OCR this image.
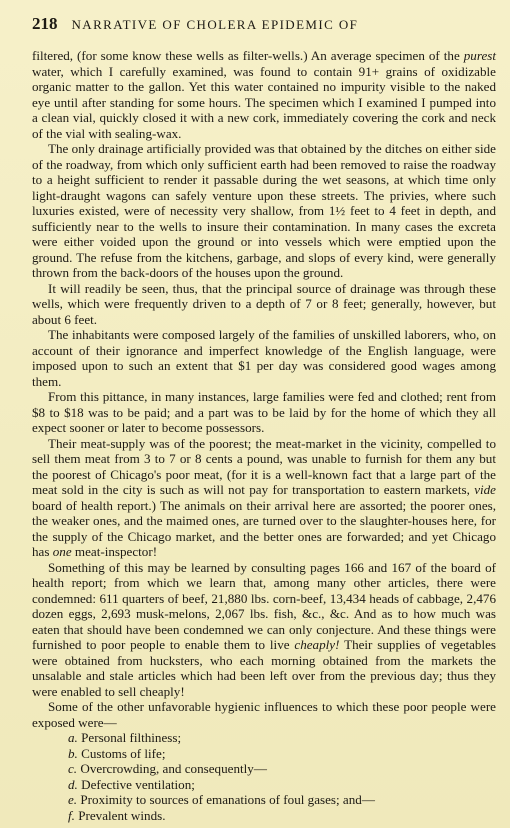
218 NARRATIVE OF CHOLERA EPIDEMIC OF

filtered, (for some know these wells as filter-wells.) An average specimen of the purest water, which I carefully examined, was found to contain 91+ grains of oxidizable organic matter to the gallon. Yet this water contained no impurity visible to the naked eye until after standing for some hours. The specimen which I examined I pumped into a clean vial, quickly closed it with a new cork, immediately covering the cork and neck of the vial with sealing-wax.

The only drainage artificially provided was that obtained by the ditches on either side of the roadway, from which only sufficient earth had been removed to raise the roadway to a height sufficient to render it passable during the wet seasons, at which time only light-draught wagons can safely venture upon these streets. The privies, where such luxuries existed, were of necessity very shallow, from 1½ feet to 4 feet in depth, and sufficiently near to the wells to insure their contamination. In many cases the excreta were either voided upon the ground or into vessels which were emptied upon the ground. The refuse from the kitchens, garbage, and slops of every kind, were generally thrown from the back-doors of the houses upon the ground.

It will readily be seen, thus, that the principal source of drainage was through these wells, which were frequently driven to a depth of 7 or 8 feet; generally, however, but about 6 feet.

The inhabitants were composed largely of the families of unskilled laborers, who, on account of their ignorance and imperfect knowledge of the English language, were imposed upon to such an extent that $1 per day was considered good wages among them.

From this pittance, in many instances, large families were fed and clothed; rent from $8 to $18 was to be paid; and a part was to be laid by for the home of which they all expect sooner or later to become possessors.

Their meat-supply was of the poorest; the meat-market in the vicinity, compelled to sell them meat from 3 to 7 or 8 cents a pound, was unable to furnish for them any but the poorest of Chicago's poor meat, (for it is a well-known fact that a large part of the meat sold in the city is such as will not pay for transportation to eastern markets, vide board of health report.) The animals on their arrival here are assorted; the poorer ones, the weaker ones, and the maimed ones, are turned over to the slaughter-houses here, for the supply of the Chicago market, and the better ones are forwarded; and yet Chicago has one meat-inspector!

Something of this may be learned by consulting pages 166 and 167 of the board of health report; from which we learn that, among many other articles, there were condemned: 611 quarters of beef, 21,880 lbs. corn-beef, 13,434 heads of cabbage, 2,476 dozen eggs, 2,693 musk-melons, 2,067 lbs. fish, &c., &c. And as to how much was eaten that should have been condemned we can only conjecture. And these things were furnished to poor people to enable them to live cheaply! Their supplies of vegetables were obtained from hucksters, who each morning obtained from the markets the unsalable and stale articles which had been left over from the previous day; thus they were enabled to sell cheaply!

Some of the other unfavorable hygienic influences to which these poor people were exposed were—

a. Personal filthiness;

b. Customs of life;

c. Overcrowding, and consequently—

d. Defective ventilation;

e. Proximity to sources of emanations of foul gases; and—

f. Prevalent winds.
